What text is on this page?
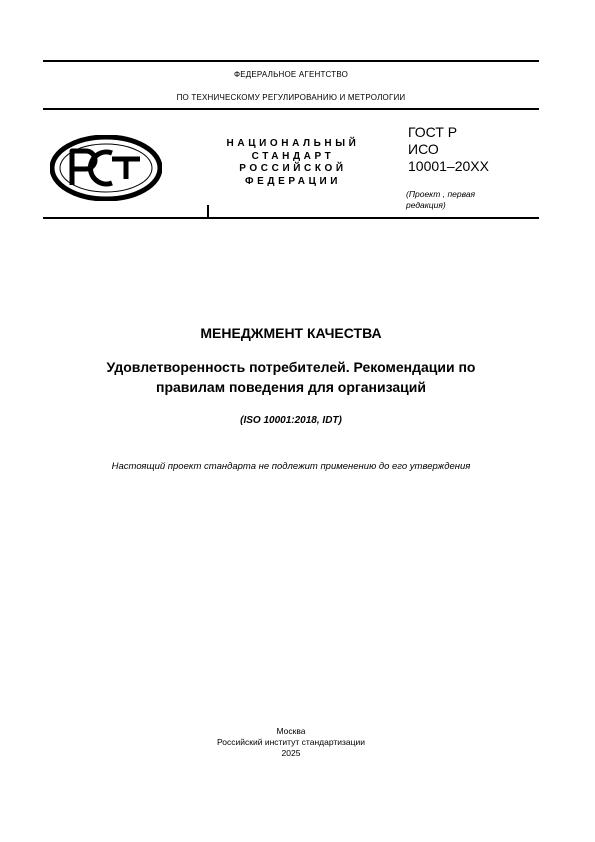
ФЕДЕРАЛЬНОЕ АГЕНТСТВО
ПО ТЕХНИЧЕСКОМУ РЕГУЛИРОВАНИЮ И МЕТРОЛОГИИ
РСТ
НАЦИОНАЛЬНЫЙ
СТАНДАРТ
РОССИЙСКОЙ
ФЕДЕРАЦИИ
ГОСТ Р
ИСО
10001–20XX
(Проект , первая
редакция)
МЕНЕДЖМЕНТ КАЧЕСТВА
Удовлетворенность потребителей. Рекомендации по
правилам поведения для организаций
(ISO 10001:2018, IDT)
Настоящий проект стандарта не подлежит применению до его утверждения
Москва
Российский институт стандартизации
2025
